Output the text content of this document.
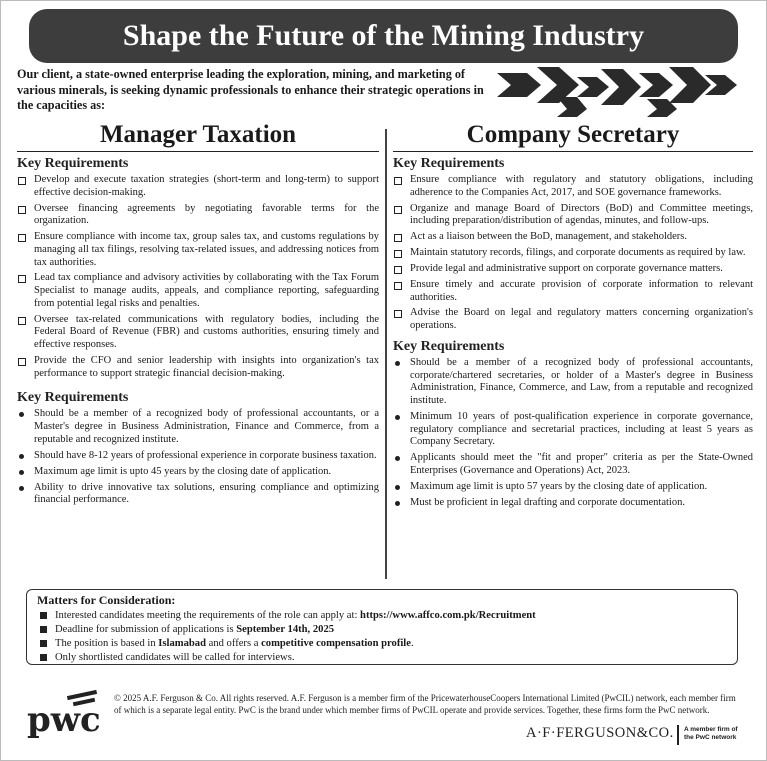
Shape the Future of the Mining Industry
Our client, a state-owned enterprise leading the exploration, mining, and marketing of various minerals, is seeking dynamic professionals to enhance their strategic operations in the capacities as:
Manager Taxation
Key Requirements
Develop and execute taxation strategies (short-term and long-term) to support effective decision-making.
Oversee financing agreements by negotiating favorable terms for the organization.
Ensure compliance with income tax, group sales tax, and customs regulations by managing all tax filings, resolving tax-related issues, and addressing notices from tax authorities.
Lead tax compliance and advisory activities by collaborating with the Tax Forum Specialist to manage audits, appeals, and compliance reporting, safeguarding from potential legal risks and penalties.
Oversee tax-related communications with regulatory bodies, including the Federal Board of Revenue (FBR) and customs authorities, ensuring timely and effective responses.
Provide the CFO and senior leadership with insights into organization's tax performance to support strategic financial decision-making.
Key Requirements
Should be a member of a recognized body of professional accountants, or a Master's degree in Business Administration, Finance and Commerce, from a reputable and recognized institute.
Should have 8-12 years of professional experience in corporate business taxation.
Maximum age limit is upto 45 years by the closing date of application.
Ability to drive innovative tax solutions, ensuring compliance and optimizing financial performance.
Company Secretary
Key Requirements
Ensure compliance with regulatory and statutory obligations, including adherence to the Companies Act, 2017, and SOE governance frameworks.
Organize and manage Board of Directors (BoD) and Committee meetings, including preparation/distribution of agendas, minutes, and follow-ups.
Act as a liaison between the BoD, management, and stakeholders.
Maintain statutory records, filings, and corporate documents as required by law.
Provide legal and administrative support on corporate governance matters.
Ensure timely and accurate provision of corporate information to relevant authorities.
Advise the Board on legal and regulatory matters concerning organization's operations.
Key Requirements
Should be a member of a recognized body of professional accountants, corporate/chartered secretaries, or holder of a Master's degree in Business Administration, Finance, Commerce, and Law, from a reputable and recognized institute.
Minimum 10 years of post-qualification experience in corporate governance, regulatory compliance and secretarial practices, including at least 5 years as Company Secretary.
Applicants should meet the "fit and proper" criteria as per the State-Owned Enterprises (Governance and Operations) Act, 2023.
Maximum age limit is upto 57 years by the closing date of application.
Must be proficient in legal drafting and corporate documentation.
Matters for Consideration:
Interested candidates meeting the requirements of the role can apply at: https://www.affco.com.pk/Recruitment
Deadline for submission of applications is September 14th, 2025
The position is based in Islamabad and offers a competitive compensation profile.
Only shortlisted candidates will be called for interviews.
pwc
© 2025 A.F. Ferguson & Co. All rights reserved. A.F. Ferguson is a member firm of the PricewaterhouseCoopers International Limited (PwCIL) network, each member firm of which is a separate legal entity. PwC is the brand under which member firms of PwCIL operate and provide services. Together, these firms form the PwC network.
A·F·FERGUSON&CO. A member firm of the PwC network
